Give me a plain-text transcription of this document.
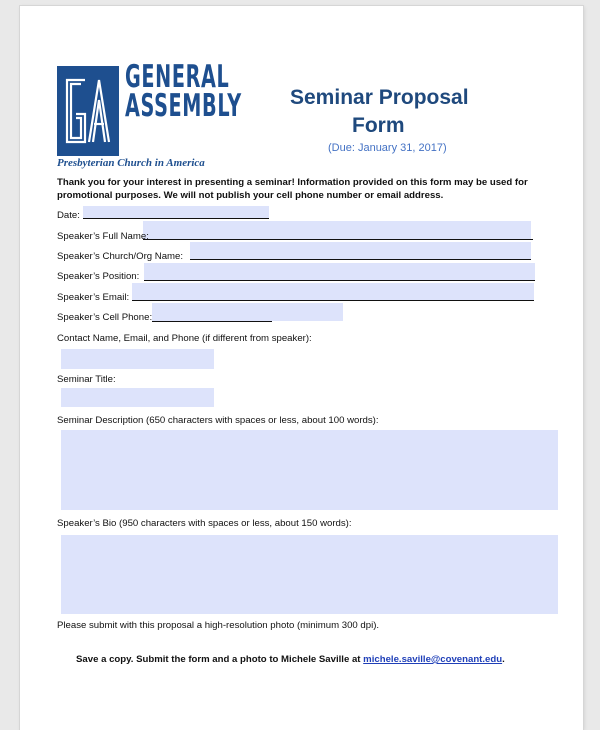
GENERAL
ASSEMBLY
Presbyterian Church in America
Seminar Proposal
Form
(Due: January 31, 2017)
Thank you for your interest in presenting a seminar! Information provided on this form may be used for promotional purposes. We will not publish your cell phone number or email address.
Date:
Speaker’s Full Name:
Speaker’s Church/Org Name:
Speaker’s Position:
Speaker’s Email:
Speaker’s Cell Phone:
Contact Name, Email, and Phone (if different from speaker):
Seminar Title:
Seminar Description (650 characters with spaces or less, about 100 words):
Speaker’s Bio (950 characters with spaces or less, about 150 words):
Please submit with this proposal a high-resolution photo (minimum 300 dpi).
Save a copy. Submit the form and a photo to Michele Saville at michele.saville@covenant.edu.
